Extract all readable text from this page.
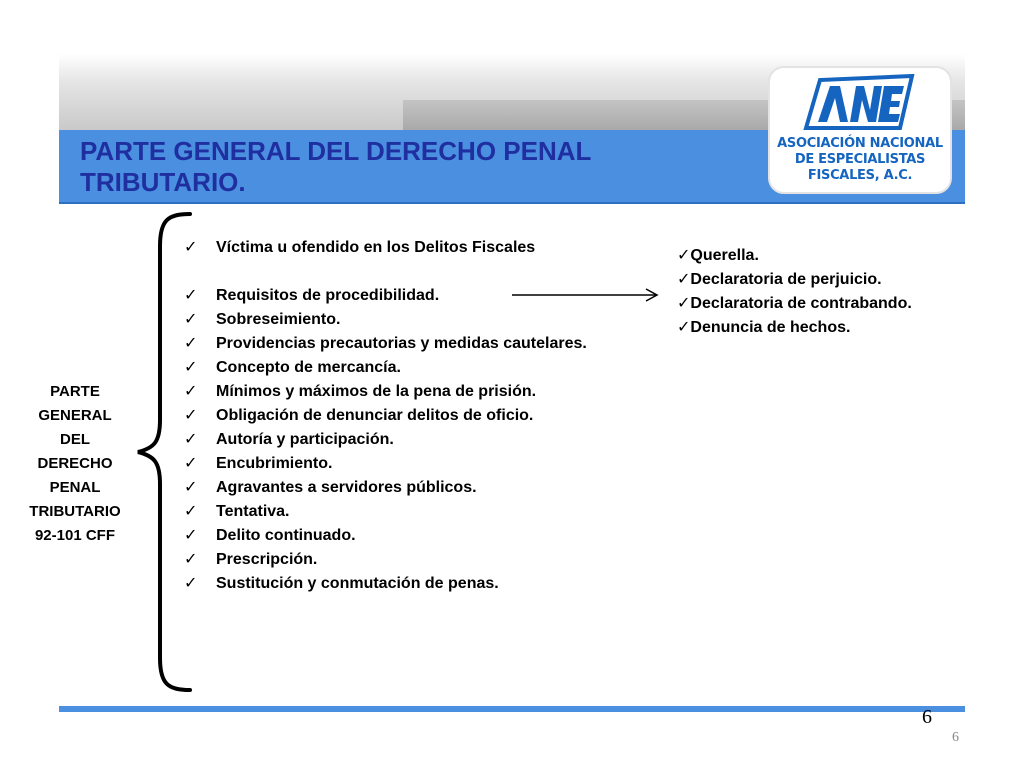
PARTE GENERAL DEL DERECHO PENAL
TRIBUTARIO.
ASOCIACIÓN NACIONAL
DE ESPECIALISTAS
FISCALES, A.C.
PARTE
GENERAL
DEL
DERECHO
PENAL
TRIBUTARIO
92-101 CFF
✓	Víctima u ofendido en los Delitos Fiscales
✓	Requisitos de procedibilidad.
✓	Sobreseimiento.
✓	Providencias precautorias y medidas cautelares.
✓	Concepto de mercancía.
✓	Mínimos y máximos de la pena de prisión.
✓	Obligación de denunciar delitos de oficio.
✓	Autoría y participación.
✓	Encubrimiento.
✓	Agravantes a servidores públicos.
✓	Tentativa.
✓	Delito continuado.
✓	Prescripción.
✓	Sustitución y conmutación de penas.
✓Querella.
✓Declaratoria de perjuicio.
✓Declaratoria de contrabando.
✓Denuncia de hechos.
6
6
